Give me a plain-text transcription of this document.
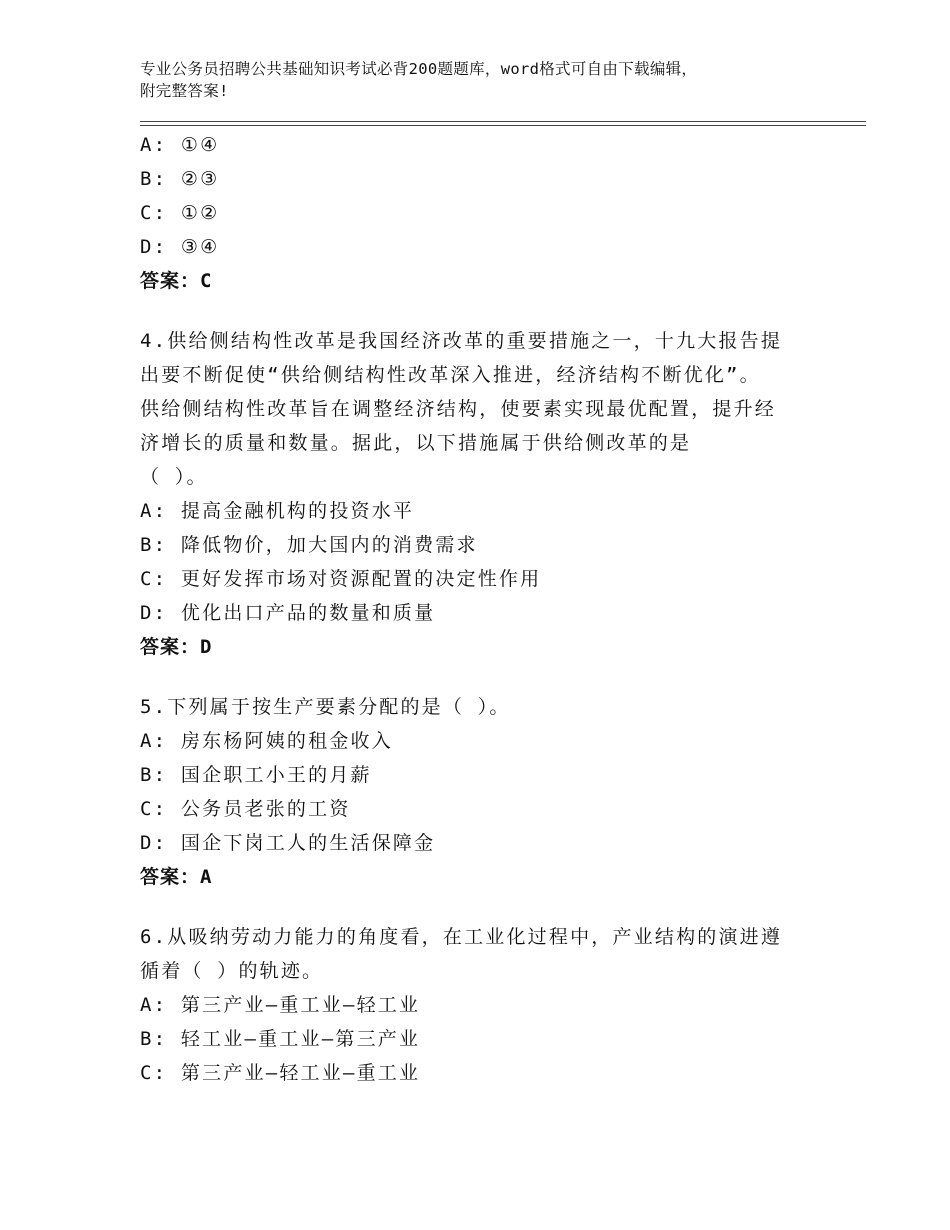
专业公务员招聘公共基础知识考试必背200题题库，word格式可自由下载编辑，
附完整答案!
A: ①④
B: ②③
C: ①②
D: ③④
答案：C
4.供给侧结构性改革是我国经济改革的重要措施之一，十九大报告提
出要不断促使“供给侧结构性改革深入推进，经济结构不断优化”。
供给侧结构性改革旨在调整经济结构，使要素实现最优配置，提升经
济增长的质量和数量。据此，以下措施属于供给侧改革的是
（ ）。
A: 提高金融机构的投资水平
B: 降低物价，加大国内的消费需求
C: 更好发挥市场对资源配置的决定性作用
D: 优化出口产品的数量和质量
答案：D
5.下列属于按生产要素分配的是（ ）。
A: 房东杨阿姨的租金收入
B: 国企职工小王的月薪
C: 公务员老张的工资
D: 国企下岗工人的生活保障金
答案：A
6.从吸纳劳动力能力的角度看，在工业化过程中，产业结构的演进遵
循着（ ）的轨迹。
A: 第三产业—重工业—轻工业
B: 轻工业—重工业—第三产业
C: 第三产业—轻工业—重工业
